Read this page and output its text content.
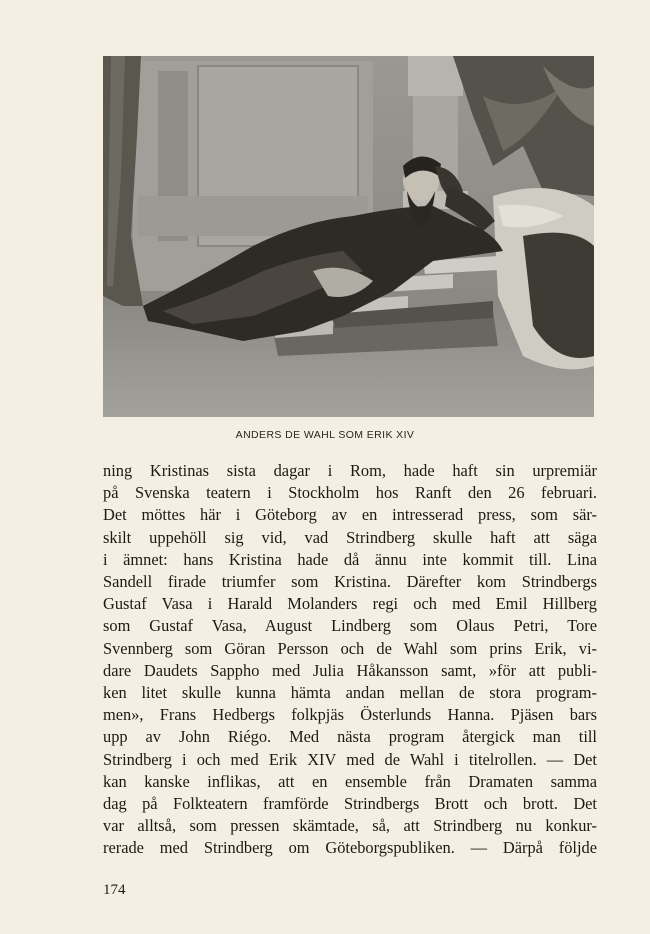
ANDERS DE WAHL SOM ERIK XIV
ning Kristinas sista dagar i Rom, hade haft sin urpremiär
på Svenska teatern i Stockholm hos Ranft den 26 februari.
Det möttes här i Göteborg av en intresserad press, som sär-
skilt uppehöll sig vid, vad Strindberg skulle haft att säga
i ämnet: hans Kristina hade då ännu inte kommit till. Lina
Sandell firade triumfer som Kristina. Därefter kom Strindbergs
Gustaf Vasa i Harald Molanders regi och med Emil Hillberg
som Gustaf Vasa, August Lindberg som Olaus Petri, Tore
Svennberg som Göran Persson och de Wahl som prins Erik, vi-
dare Daudets Sappho med Julia Håkansson samt, »för att publi-
ken litet skulle kunna hämta andan mellan de stora program-
men», Frans Hedbergs folkpjäs Österlunds Hanna. Pjäsen bars
upp av John Riégo. Med nästa program återgick man till
Strindberg i och med Erik XIV med de Wahl i titelrollen. — Det
kan kanske inflikas, att en ensemble från Dramaten samma
dag på Folkteatern framförde Strindbergs Brott och brott. Det
var alltså, som pressen skämtade, så, att Strindberg nu konkur-
rerade med Strindberg om Göteborgspubliken. — Därpå följde
174
